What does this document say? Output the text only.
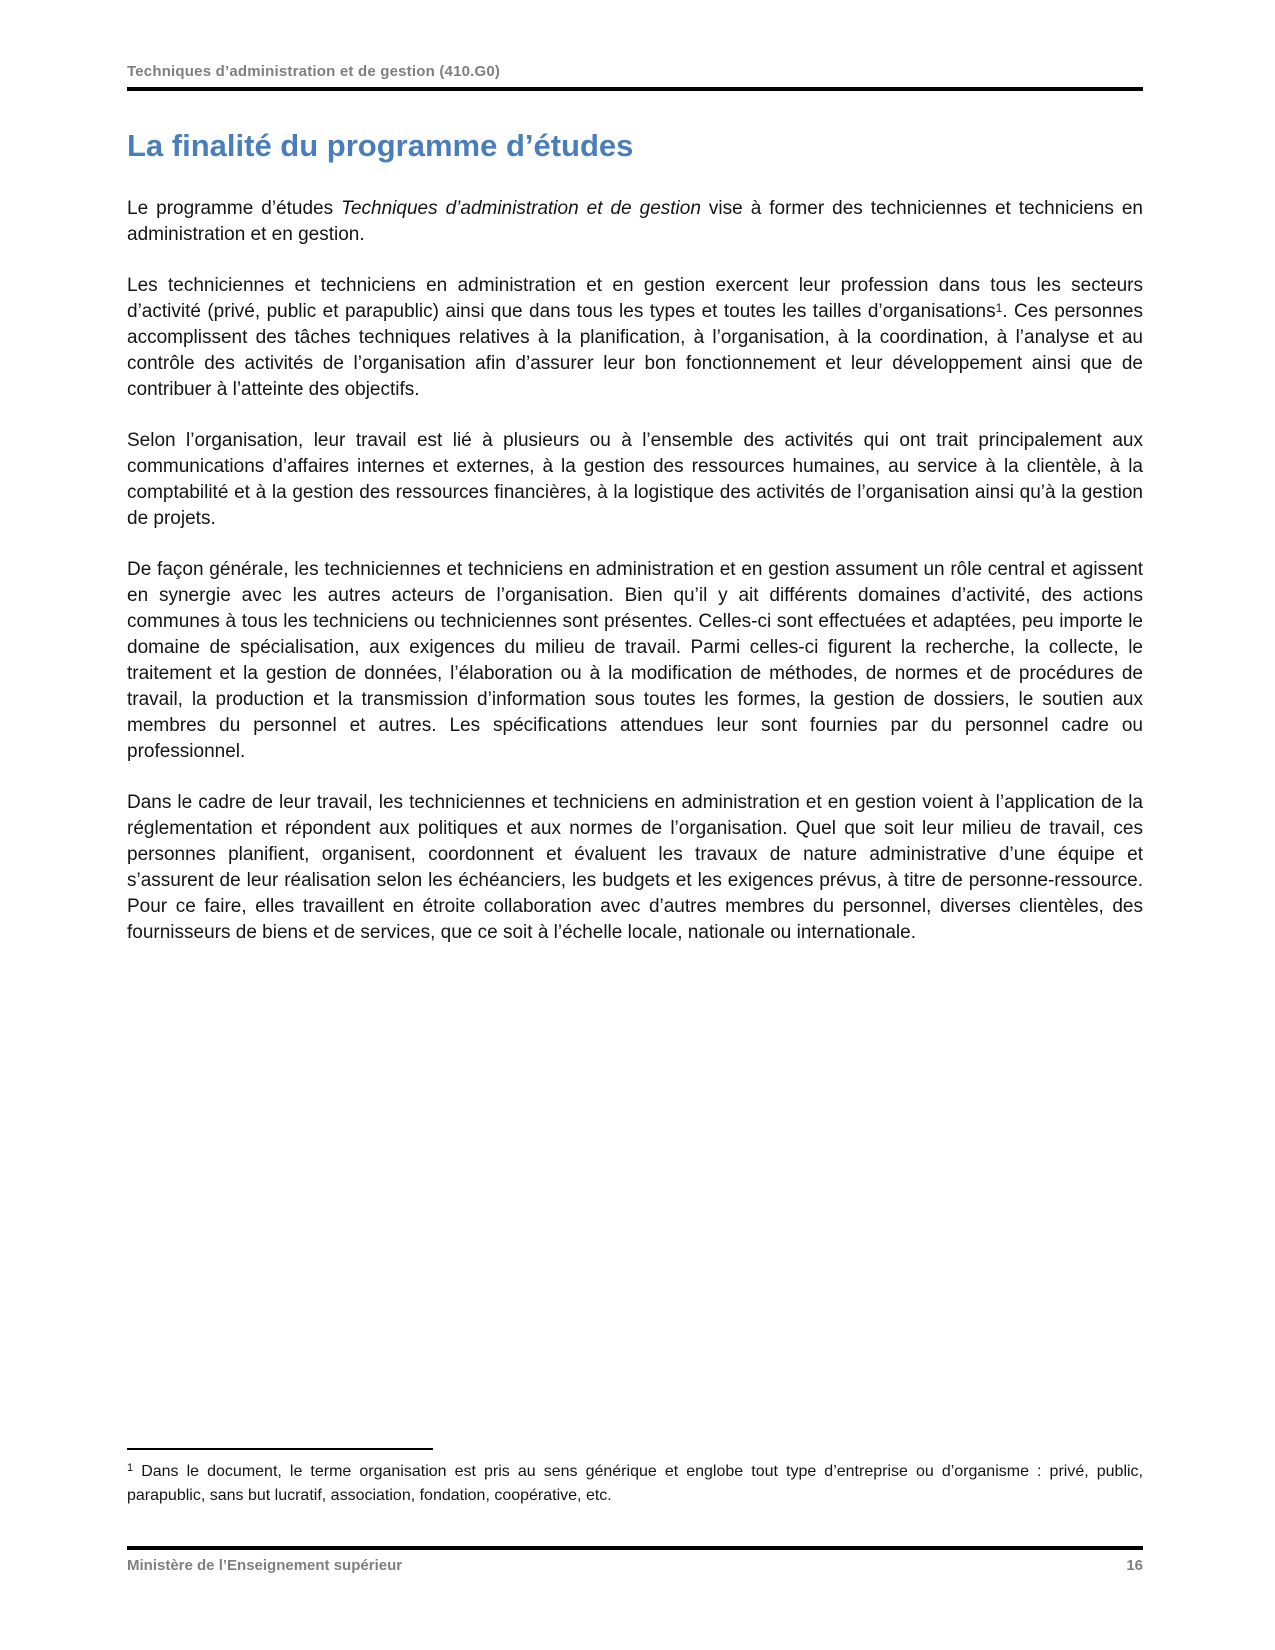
Techniques d’administration et de gestion (410.G0)
La finalité du programme d’études

Le programme d’études Techniques d’administration et de gestion vise à former des techniciennes et techniciens en administration et en gestion.

Les techniciennes et techniciens en administration et en gestion exercent leur profession dans tous les secteurs d’activité (privé, public et parapublic) ainsi que dans tous les types et toutes les tailles d’organisations$^1$. Ces personnes accomplissent des tâches techniques relatives à la planification, à l’organisation, à la coordination, à l’analyse et au contrôle des activités de l’organisation afin d’assurer leur bon fonctionnement et leur développement ainsi que de contribuer à l’atteinte des objectifs.

Selon l’organisation, leur travail est lié à plusieurs ou à l’ensemble des activités qui ont trait principalement aux communications d’affaires internes et externes, à la gestion des ressources humaines, au service à la clientèle, à la comptabilité et à la gestion des ressources financières, à la logistique des activités de l’organisation ainsi qu’à la gestion de projets.

De façon générale, les techniciennes et techniciens en administration et en gestion assument un rôle central et agissent en synergie avec les autres acteurs de l’organisation. Bien qu’il y ait différents domaines d’activité, des actions communes à tous les techniciens ou techniciennes sont présentes. Celles-ci sont effectuées et adaptées, peu importe le domaine de spécialisation, aux exigences du milieu de travail. Parmi celles-ci figurent la recherche, la collecte, le traitement et la gestion de données, l’élaboration ou à la modification de méthodes, de normes et de procédures de travail, la production et la transmission d’information sous toutes les formes, la gestion de dossiers, le soutien aux membres du personnel et autres. Les spécifications attendues leur sont fournies par du personnel cadre ou professionnel.

Dans le cadre de leur travail, les techniciennes et techniciens en administration et en gestion voient à l’application de la réglementation et répondent aux politiques et aux normes de l’organisation. Quel que soit leur milieu de travail, ces personnes planifient, organisent, coordonnent et évaluent les travaux de nature administrative d’une équipe et s’assurent de leur réalisation selon les échéanciers, les budgets et les exigences prévus, à titre de personne-ressource. Pour ce faire, elles travaillent en étroite collaboration avec d’autres membres du personnel, diverses clientèles, des fournisseurs de biens et de services, que ce soit à l’échelle locale, nationale ou internationale.

$^1$ Dans le document, le terme organisation est pris au sens générique et englobe tout type d’entreprise ou d’organisme : privé, public, parapublic, sans but lucratif, association, fondation, coopérative, etc.

Ministère de l’Enseignement supérieur	16
